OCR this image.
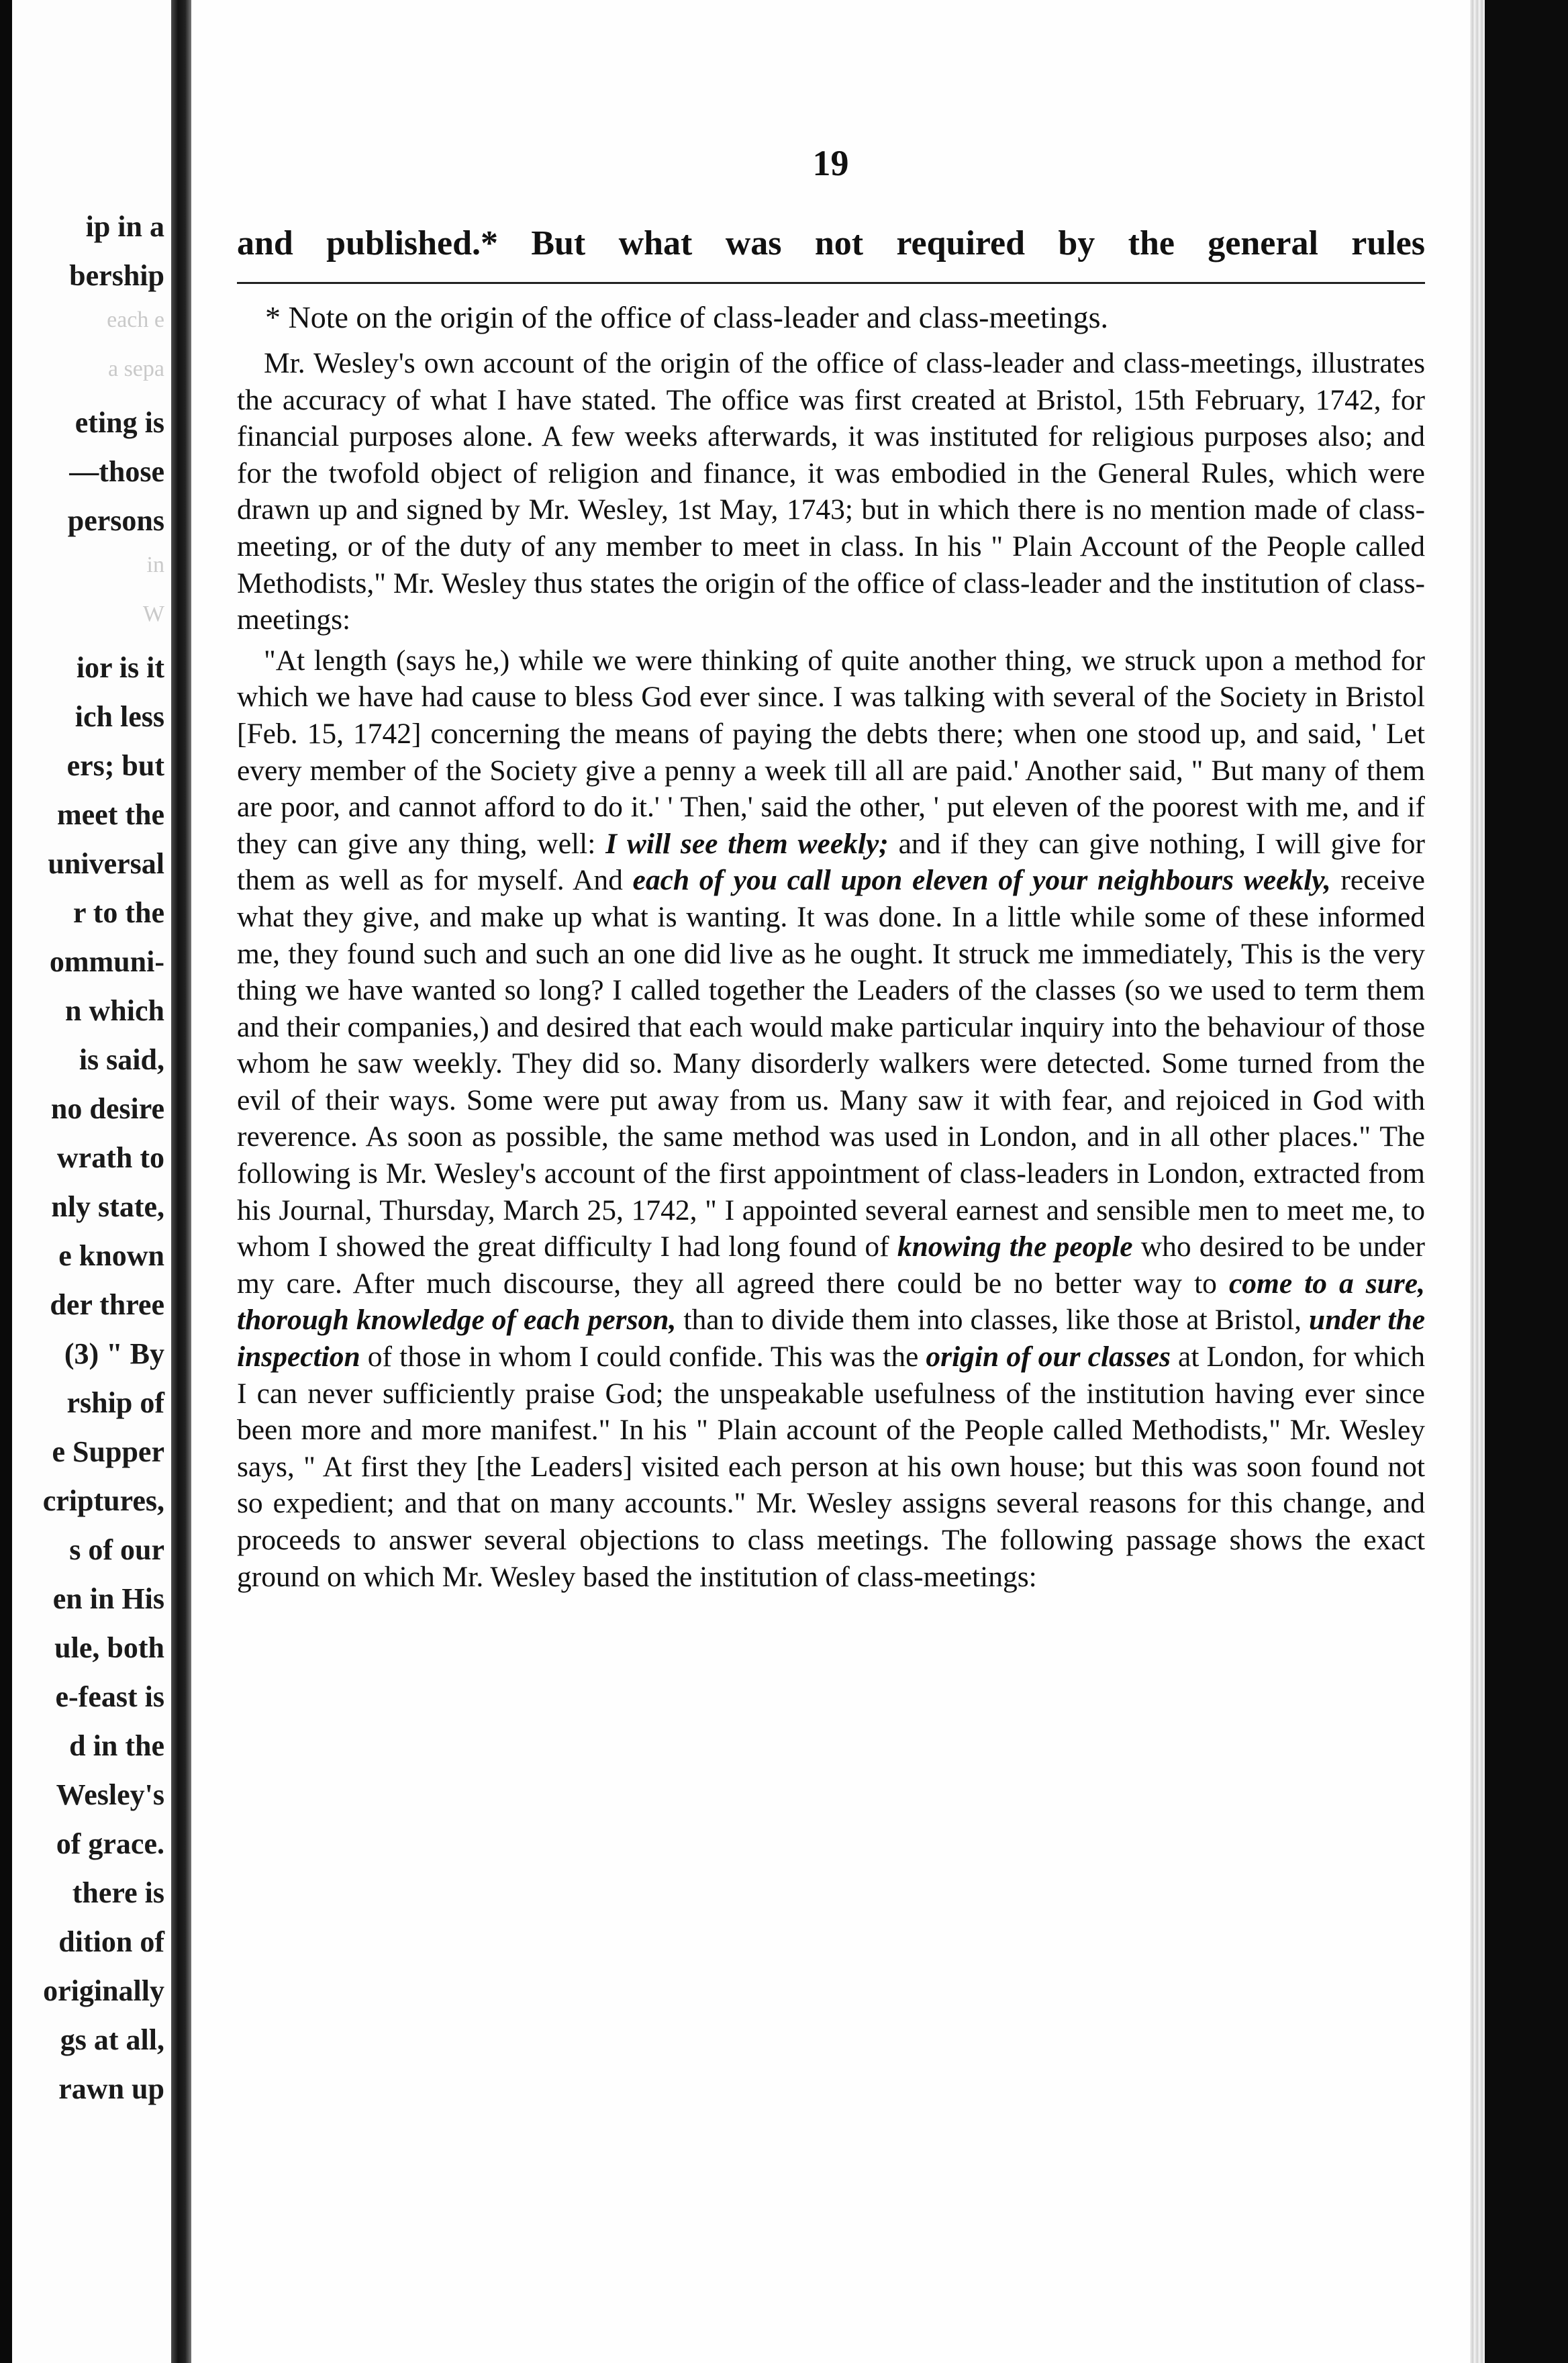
ip in a
bership
each e
a sepa
eting is
—those
persons
in
W
ior is it
ich less
ers; but
meet the
universal
r to the
ommuni-
n which
is said,
no desire
wrath to
nly state,
e known
der three
(3) " By
rship of
e Supper
criptures,
s of our
en in His
ule, both
e-feast is
d in the
Wesley's
of grace.
there is
dition of
originally
gs at all,
rawn up
19
and published.* But what was not required by the general rules
* Note on the origin of the office of class-leader and class-meetings.

Mr. Wesley's own account of the origin of the office of class-leader and class-meetings, illustrates the accuracy of what I have stated. The office was first created at Bristol, 15th February, 1742, for financial purposes alone. A few weeks afterwards, it was instituted for religious purposes also; and for the twofold object of religion and finance, it was embodied in the General Rules, which were drawn up and signed by Mr. Wesley, 1st May, 1743; but in which there is no mention made of class-meeting, or of the duty of any member to meet in class. In his " Plain Account of the People called Methodists," Mr. Wesley thus states the origin of the office of class-leader and the institution of class-meetings:

"At length (says he,) while we were thinking of quite another thing, we struck upon a method for which we have had cause to bless God ever since. I was talking with several of the Society in Bristol [Feb. 15, 1742] concerning the means of paying the debts there; when one stood up, and said, ' Let every member of the Society give a penny a week till all are paid.' Another said, " But many of them are poor, and cannot afford to do it.' ' Then,' said the other, ' put eleven of the poorest with me, and if they can give any thing, well: I will see them weekly; and if they can give nothing, I will give for them as well as for myself. And each of you call upon eleven of your neighbours weekly, receive what they give, and make up what is wanting. It was done. In a little while some of these informed me, they found such and such an one did live as he ought. It struck me immediately, This is the very thing we have wanted so long? I called together the Leaders of the classes (so we used to term them and their companies,) and desired that each would make particular inquiry into the behaviour of those whom he saw weekly. They did so. Many disorderly walkers were detected. Some turned from the evil of their ways. Some were put away from us. Many saw it with fear, and rejoiced in God with reverence. As soon as possible, the same method was used in London, and in all other places." The following is Mr. Wesley's account of the first appointment of class-leaders in London, extracted from his Journal, Thursday, March 25, 1742, " I appointed several earnest and sensible men to meet me, to whom I showed the great difficulty I had long found of knowing the people who desired to be under my care. After much discourse, they all agreed there could be no better way to come to a sure, thorough knowledge of each person, than to divide them into classes, like those at Bristol, under the inspection of those in whom I could confide. This was the origin of our classes at London, for which I can never sufficiently praise God; the unspeakable usefulness of the institution having ever since been more and more manifest." In his " Plain account of the People called Methodists," Mr. Wesley says, " At first they [the Leaders] visited each person at his own house; but this was soon found not so expedient; and that on many accounts." Mr. Wesley assigns several reasons for this change, and proceeds to answer several objections to class meetings. The following passage shows the exact ground on which Mr. Wesley based the institution of class-meetings:
